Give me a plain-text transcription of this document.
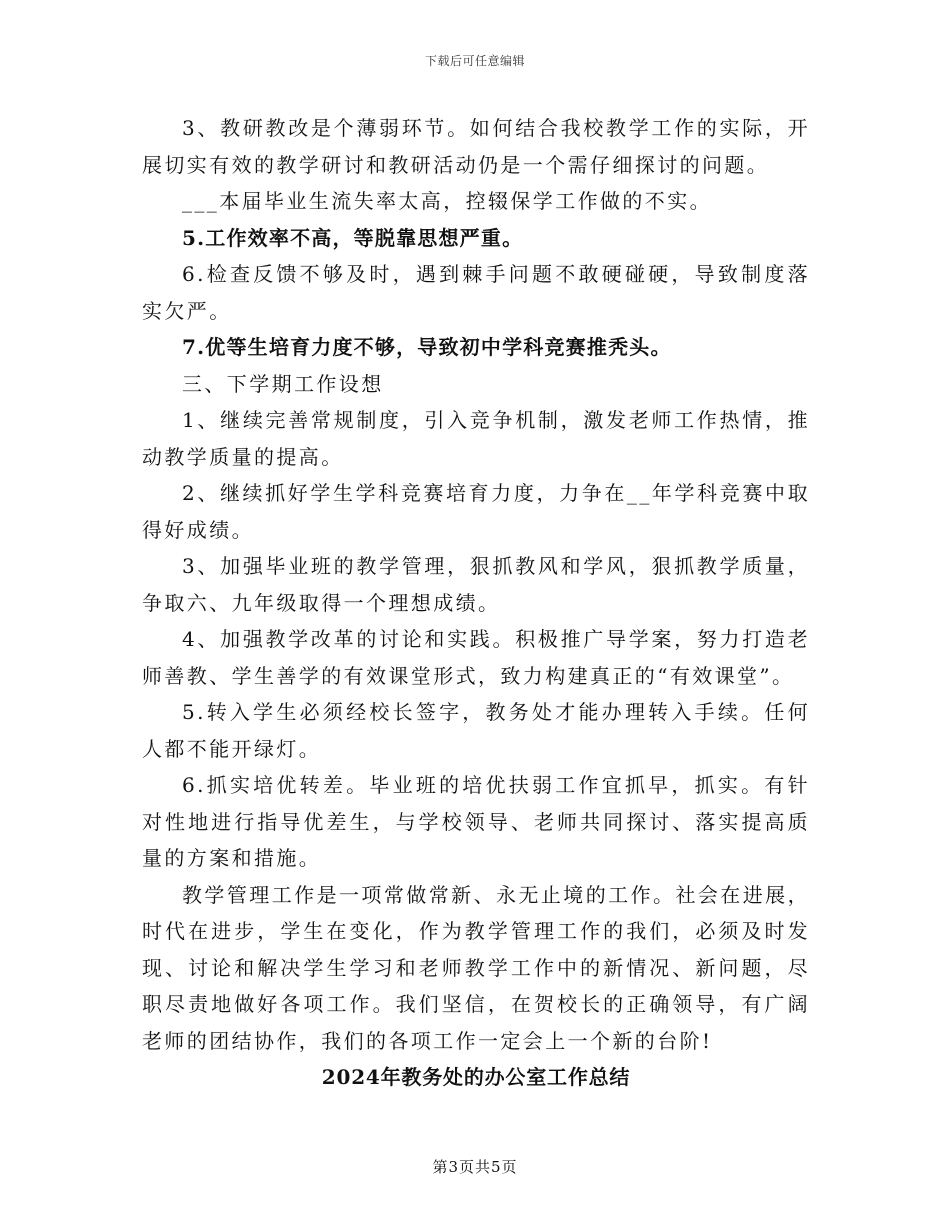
下载后可任意编辑

3、教研教改是个薄弱环节。如何结合我校教学工作的实际，开展切实有效的教学研讨和教研活动仍是一个需仔细探讨的问题。

___本届毕业生流失率太高，控辍保学工作做的不实。

5.工作效率不高，等脱靠思想严重。

6.检查反馈不够及时，遇到棘手问题不敢硬碰硬，导致制度落实欠严。

7.优等生培育力度不够，导致初中学科竞赛推秃头。

三、下学期工作设想

1、继续完善常规制度，引入竞争机制，激发老师工作热情，推动教学质量的提高。

2、继续抓好学生学科竞赛培育力度，力争在__年学科竞赛中取得好成绩。

3、加强毕业班的教学管理，狠抓教风和学风，狠抓教学质量，争取六、九年级取得一个理想成绩。

4、加强教学改革的讨论和实践。积极推广导学案，努力打造老师善教、学生善学的有效课堂形式，致力构建真正的“有效课堂”。

5.转入学生必须经校长签字，教务处才能办理转入手续。任何人都不能开绿灯。

6.抓实培优转差。毕业班的培优扶弱工作宜抓早，抓实。有针对性地进行指导优差生，与学校领导、老师共同探讨、落实提高质量的方案和措施。

教学管理工作是一项常做常新、永无止境的工作。社会在进展，时代在进步，学生在变化，作为教学管理工作的我们，必须及时发现、讨论和解决学生学习和老师教学工作中的新情况、新问题，尽职尽责地做好各项工作。我们坚信，在贺校长的正确领导，有广阔老师的团结协作，我们的各项工作一定会上一个新的台阶!

2024年教务处的办公室工作总结

第3页共5页
